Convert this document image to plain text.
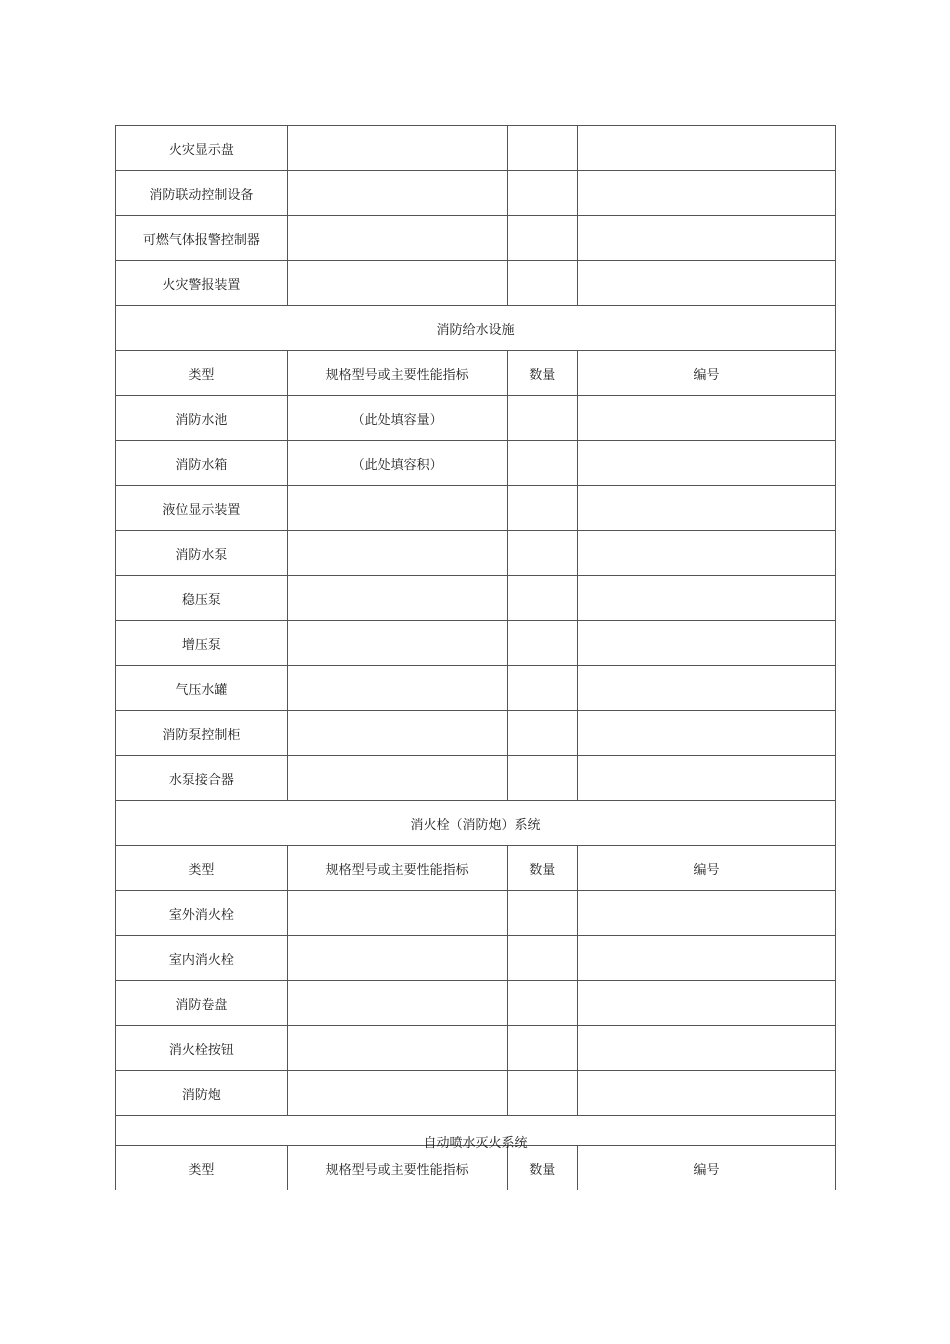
火灾显示盘			
消防联动控制设备			
可燃气体报警控制器			
火灾警报装置			
消防给水设施			
类型	规格型号或主要性能指标	数量	编号
消防水池	（此处填容量）		
消防水箱	（此处填容积）		
液位显示装置			
消防水泵			
稳压泵			
增压泵			
气压水罐			
消防泵控制柜			
水泵接合器			
消火栓（消防炮）系统			
类型	规格型号或主要性能指标	数量	编号
室外消火栓			
室内消火栓			
消防卷盘			
消火栓按钮			
消防炮			
自动喷水灭火系统			
类型	规格型号或主要性能指标	数量	编号
